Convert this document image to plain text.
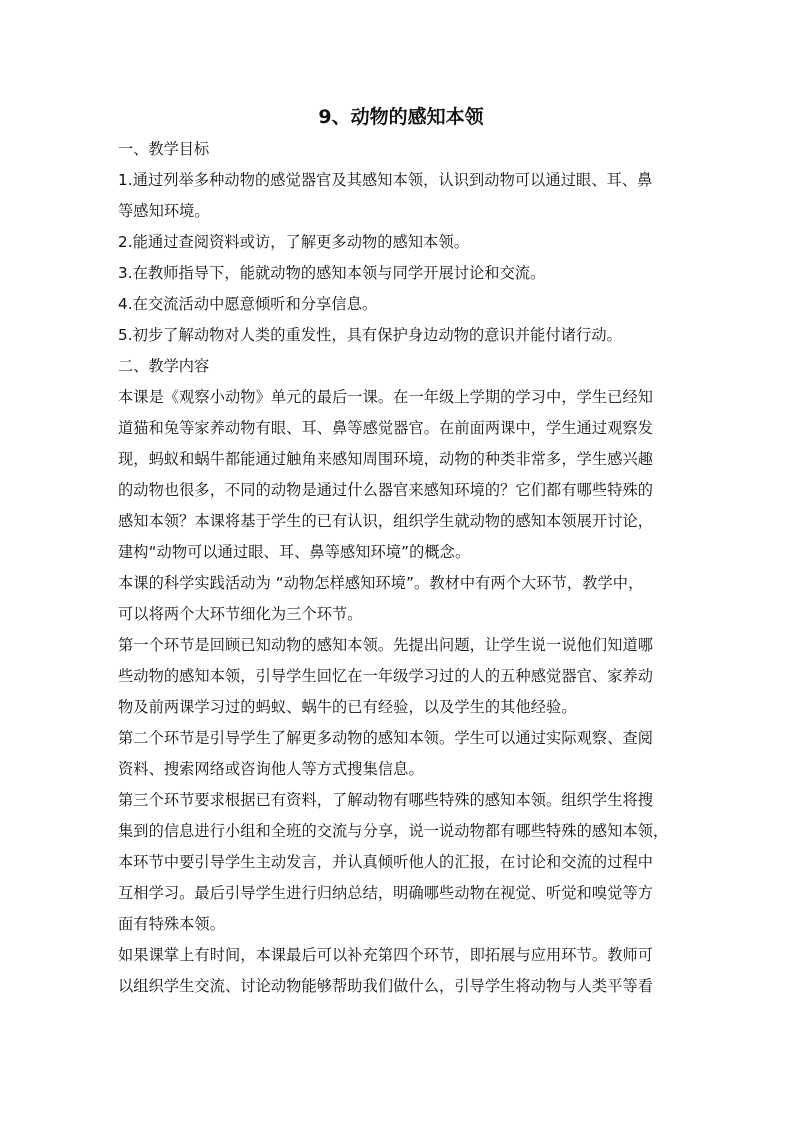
9、动物的感知本领

一、教学目标

1.通过列举多种动物的感觉器官及其感知本领，认识到动物可以通过眼、耳、鼻

等感知环境。

2.能通过查阅资料或访，了解更多动物的感知本领。

3.在教师指导下，能就动物的感知本领与同学开展讨论和交流。

4.在交流活动中愿意倾听和分享信息。

5.初步了解动物对人类的重发性，具有保护身边动物的意识并能付诸行动。

二、教学内容

本课是《观察小动物》单元的最后一课。在一年级上学期的学习中，学生已经知

道猫和兔等家养动物有眼、耳、鼻等感觉器官。在前面两课中，学生通过观察发

现，蚂蚁和蜗牛都能通过触角来感知周围环境，动物的种类非常多，学生感兴趣

的动物也很多，不同的动物是通过什么器官来感知环境的？它们都有哪些特殊的

感知本领？本课将基于学生的已有认识，组织学生就动物的感知本领展开讨论，

建构“动物可以通过眼、耳、鼻等感知环境”的概念。

本课的科学实践活动为 “动物怎样感知环境”。教材中有两个大环节，教学中，

可以将两个大环节细化为三个环节。

第一个环节是回顾已知动物的感知本领。先提出问题，让学生说一说他们知道哪

些动物的感知本领，引导学生回忆在一年级学习过的人的五种感觉器官、家养动

物及前两课学习过的蚂蚁、蜗牛的已有经验，以及学生的其他经验。

第二个环节是引导学生了解更多动物的感知本领。学生可以通过实际观察、查阅

资料、搜索网络或咨询他人等方式搜集信息。

第三个环节要求根据已有资料，了解动物有哪些特殊的感知本领。组织学生将搜

集到的信息进行小组和全班的交流与分享，说一说动物都有哪些特殊的感知本领，

本环节中要引导学生主动发言，并认真倾听他人的汇报，在讨论和交流的过程中

互相学习。最后引导学生进行归纳总结，明确哪些动物在视觉、听觉和嗅觉等方

面有特殊本领。

如果课掌上有时间，本课最后可以补充第四个环节，即拓展与应用环节。教师可

以组织学生交流、讨论动物能够帮助我们做什么，引导学生将动物与人类平等看
